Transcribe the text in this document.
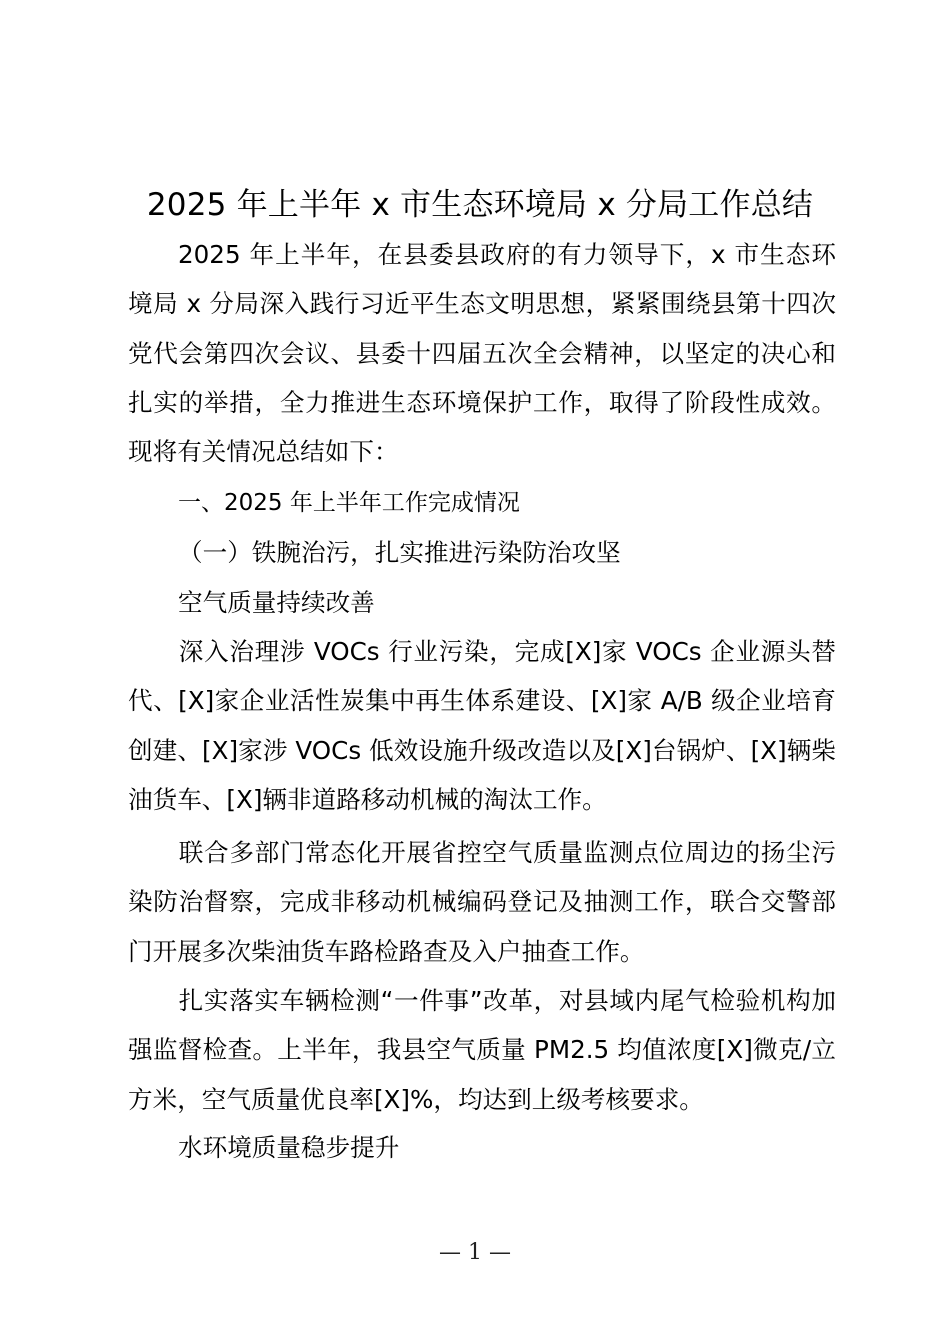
2025 年上半年 x 市生态环境局 x 分局工作总结

2025 年上半年，在县委县政府的有力领导下，x 市生态环境局 x 分局深入践行习近平生态文明思想，紧紧围绕县第十四次党代会第四次会议、县委十四届五次全会精神，以坚定的决心和扎实的举措，全力推进生态环境保护工作，取得了阶段性成效。现将有关情况总结如下：

一、2025 年上半年工作完成情况

（一）铁腕治污，扎实推进污染防治攻坚

空气质量持续改善

深入治理涉 VOCs 行业污染，完成[X]家 VOCs 企业源头替代、[X]家企业活性炭集中再生体系建设、[X]家 A/B 级企业培育创建、[X]家涉 VOCs 低效设施升级改造以及[X]台锅炉、[X]辆柴油货车、[X]辆非道路移动机械的淘汰工作。

联合多部门常态化开展省控空气质量监测点位周边的扬尘污染防治督察，完成非移动机械编码登记及抽测工作，联合交警部门开展多次柴油货车路检路查及入户抽查工作。

扎实落实车辆检测“一件事”改革，对县域内尾气检验机构加强监督检查。上半年，我县空气质量 PM2.5 均值浓度[X]微克/立方米，空气质量优良率[X]%，均达到上级考核要求。

水环境质量稳步提升

— 1 —
